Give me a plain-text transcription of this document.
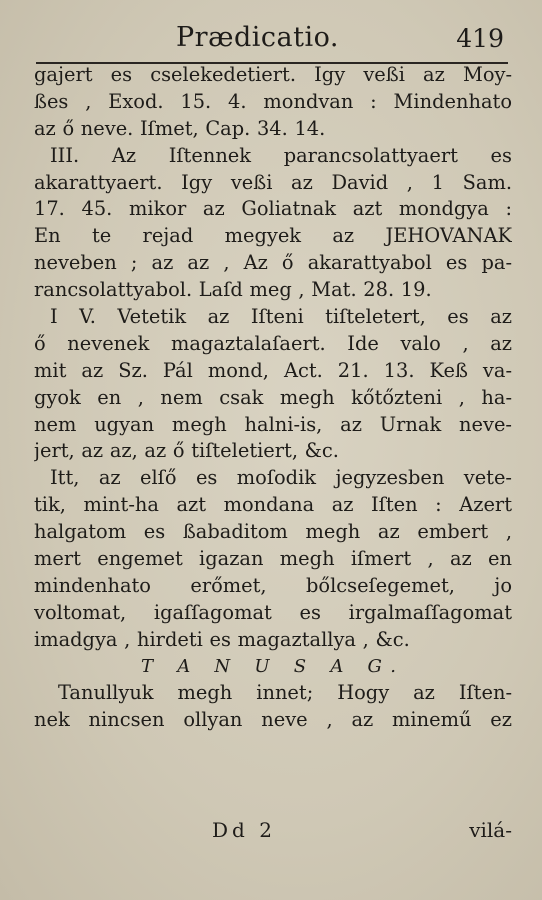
Prædicatio.	419
gajert es cselekedetiert. Igy veßi az Moy-
ßes , Exod. 15. 4. mondvan : Mindenhato
az ő neve. Iſmet, Cap. 34. 14.
III. Az Iſtennek parancsolattyaert es
akarattyaert. Igy veßi az David , 1 Sam.
17. 45. mikor az Goliatnak azt mondgya :
En te rejad megyek az JEHOVANAK
neveben ; az az , Az ő akarattyabol es pa-
rancsolattyabol. Laſd meg , Mat. 28. 19.
I V. Vetetik az Iſteni tiſteletert, es az
ő nevenek magaztalaſaert. Ide valo , az
mit az Sz. Pál mond, Act. 21. 13. Keß va-
gyok en , nem csak megh kőtőzteni , ha-
nem ugyan megh halni-is, az Urnak neve-
jert, az az, az ő tiſteletiert, &c.
Itt, az elſő es moſodik jegyzesben vete-
tik, mint-ha azt mondana az Iſten : Azert
halgatom es ßabaditom megh az embert ,
mert engemet igazan megh iſmert , az en
mindenhato erőmet, bőlcseſegemet, jo
voltomat, igaſſagomat es irgalmaſſagomat
imadgya , hirdeti es magaztallya , &c.
T A N U S A G.
Tanullyuk megh innet; Hogy az Iſten-
nek nincsen ollyan neve , az minemű ez
Dd 2	vilá-
